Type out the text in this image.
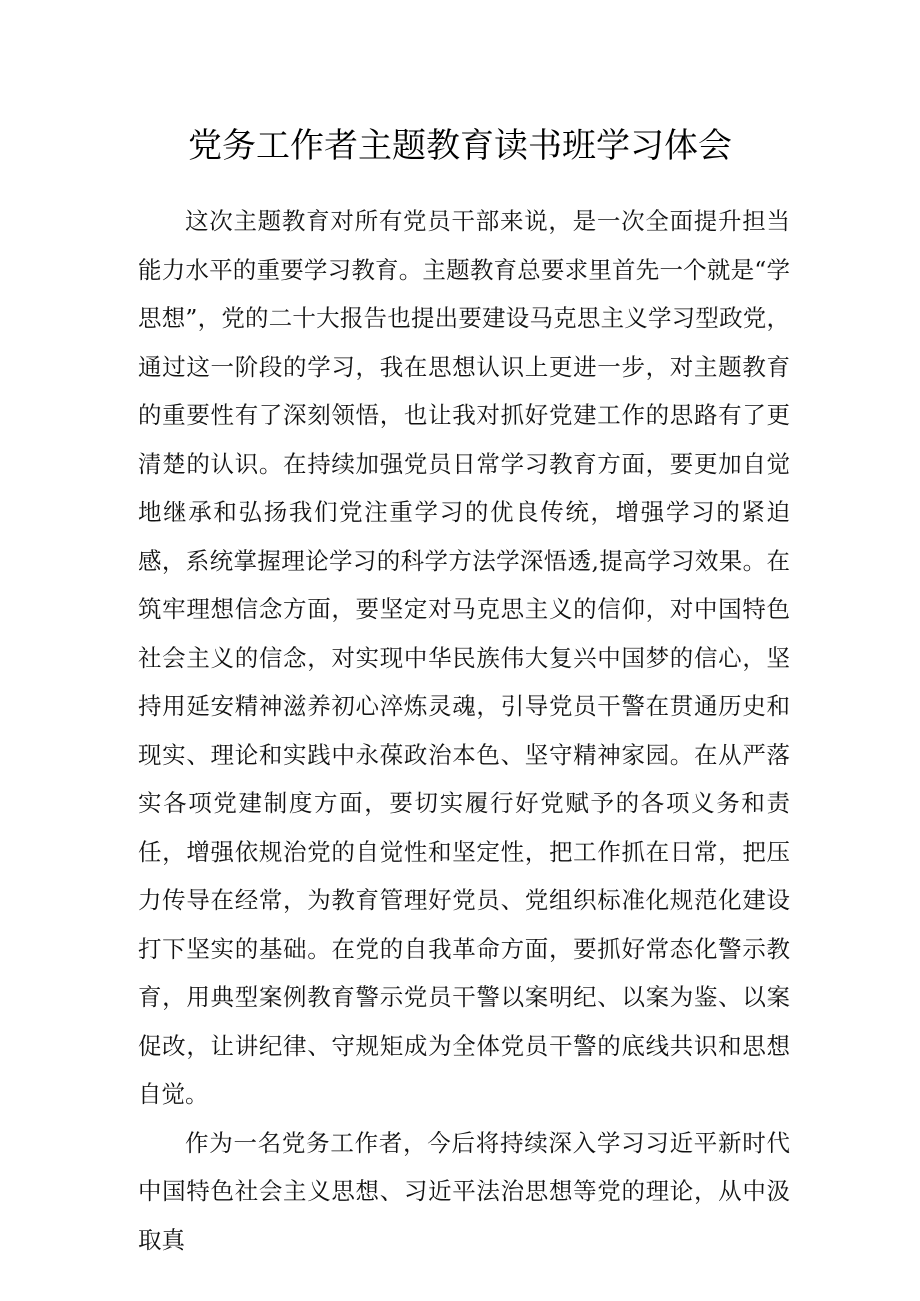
党务工作者主题教育读书班学习体会

这次主题教育对所有党员干部来说，是一次全面提升担当能力水平的重要学习教育。主题教育总要求里首先一个就是“学思想”，党的二十大报告也提出要建设马克思主义学习型政党，通过这一阶段的学习，我在思想认识上更进一步，对主题教育的重要性有了深刻领悟，也让我对抓好党建工作的思路有了更清楚的认识。在持续加强党员日常学习教育方面，要更加自觉地继承和弘扬我们党注重学习的优良传统，增强学习的紧迫感，系统掌握理论学习的科学方法学深悟透,提高学习效果。在筑牢理想信念方面，要坚定对马克思主义的信仰，对中国特色社会主义的信念，对实现中华民族伟大复兴中国梦的信心，坚持用延安精神滋养初心淬炼灵魂，引导党员干警在贯通历史和现实、理论和实践中永葆政治本色、坚守精神家园。在从严落实各项党建制度方面，要切实履行好党赋予的各项义务和责任，增强依规治党的自觉性和坚定性，把工作抓在日常，把压力传导在经常，为教育管理好党员、党组织标准化规范化建设打下坚实的基础。在党的自我革命方面，要抓好常态化警示教育，用典型案例教育警示党员干警以案明纪、以案为鉴、以案促改，让讲纪律、守规矩成为全体党员干警的底线共识和思想自觉。

作为一名党务工作者，今后将持续深入学习习近平新时代中国特色社会主义思想、习近平法治思想等党的理论，从中汲取真
